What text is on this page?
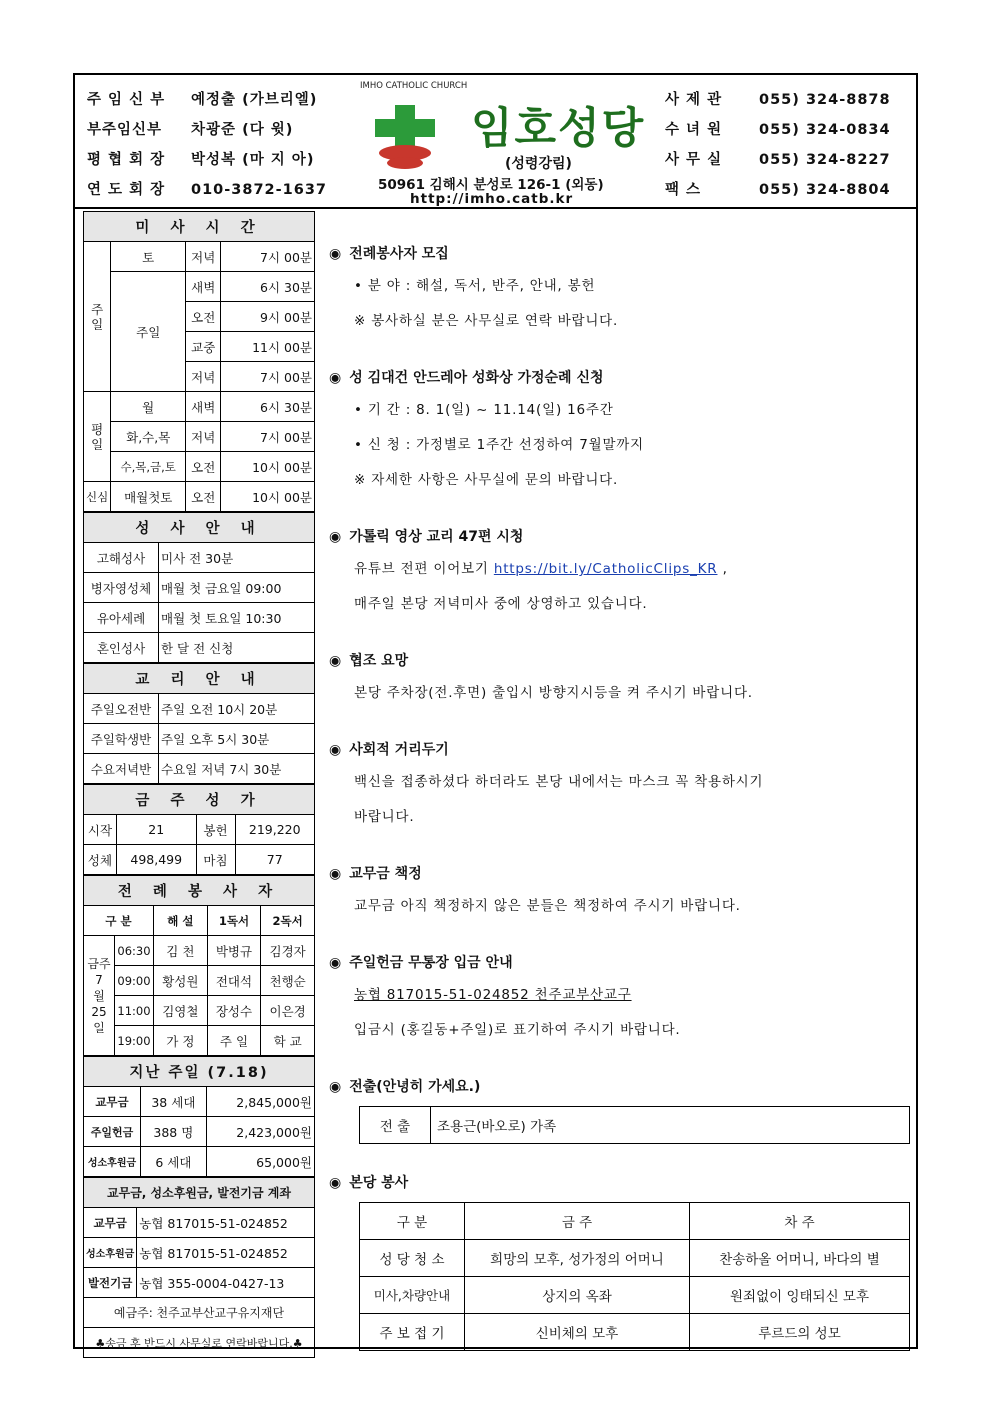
주 임 신 부 예정출 (가브리엘)
부주임신부 차광준 (다 윗)
평 협 회 장 박성복 (마 지 아)
연 도 회 장 010-3872-1637
IMHO CATHOLIC CHURCH
임호성당
(성령강림)
50961 김해시 분성로 126-1 (외동)
http://imho.catb.kr
사 제 관	055) 324-8878
수 녀 원	055) 324-0834
사 무 실	055) 324-8227
팩 스	055) 324-8804
미 사 시 간			
주
일	토	저녁	7시 00분
	주일	새벽	6시 30분
		오전	9시 00분
		교중	11시 00분
		저녁	7시 00분
평
일	월	새벽	6시 30분
	화,수,목	저녁	7시 00분
	수,목,금,토	오전	10시 00분
신심	매월첫토	오전	10시 00분
성 사 안 내	
고해성사	미사 전 30분
병자영성체	매월 첫 금요일 09:00
유아세례	매월 첫 토요일 10:30
혼인성사	한 달 전 신청
교 리 안 내	
주일오전반	주일 오전 10시 20분
주일학생반	주일 오후 5시 30분
수요저녁반	수요일 저녁 7시 30분
금 주 성 가			
시작	21	봉헌	219,220
성체	498,499	마침	77
전 례 봉 사 자				
구 분		해 설	1독서	2독서
금주
7
월
25
일	06:30	김 천	박병규	김경자
	09:00	황성원	전대석	천행순
	11:00	김영철	장성수	이은경
	19:00	가 정	주 일	학 교
지난 주일 (7.18)		
교무금	38 세대	2,845,000원
주일헌금	388 명	2,423,000원
성소후원금	6 세대	65,000원
교무금, 성소후원금, 발전기금 계좌	
교무금	농협 817015-51-024852
성소후원금	농협 817015-51-024852
발전기금	농협 355-0004-0427-13
예금주: 천주교부산교구유지재단	
♣송금 후 반드시 사무실로 연락바랍니다.♣	
◉ 전례봉사자 모집
• 분 야 : 해설, 독서, 반주, 안내, 봉헌
※ 봉사하실 분은 사무실로 연락 바랍니다.
◉ 성 김대건 안드레아 성화상 가정순례 신청
• 기 간 : 8. 1(일) ~ 11.14(일) 16주간
• 신 청 : 가정별로 1주간 선정하여 7월말까지
※ 자세한 사항은 사무실에 문의 바랍니다.
◉ 가톨릭 영상 교리 47편 시청
유튜브 전편 이어보기 https://bit.ly/CatholicClips_KR ,
매주일 본당 저녁미사 중에 상영하고 있습니다.
◉ 협조 요망
본당 주차장(전.후면) 출입시 방향지시등을 켜 주시기 바랍니다.
◉ 사회적 거리두기
백신을 접종하셨다 하더라도 본당 내에서는 마스크 꼭 착용하시기
바랍니다.
◉ 교무금 책정
교무금 아직 책정하지 않은 분들은 책정하여 주시기 바랍니다.
◉ 주일헌금 무통장 입금 안내
농협 817015-51-024852 천주교부산교구
입금시 (홍길동+주일)로 표기하여 주시기 바랍니다.
◉ 전출(안녕히 가세요.)
전 출	조용근(바오로) 가족
◉ 본당 봉사
구 분	금 주	차 주
성 당 청 소	희망의 모후, 성가정의 어머니	찬송하올 어머니, 바다의 별
미사,차량안내	상지의 옥좌	원죄없이 잉태되신 모후
주 보 접 기	신비체의 모후	루르드의 성모
